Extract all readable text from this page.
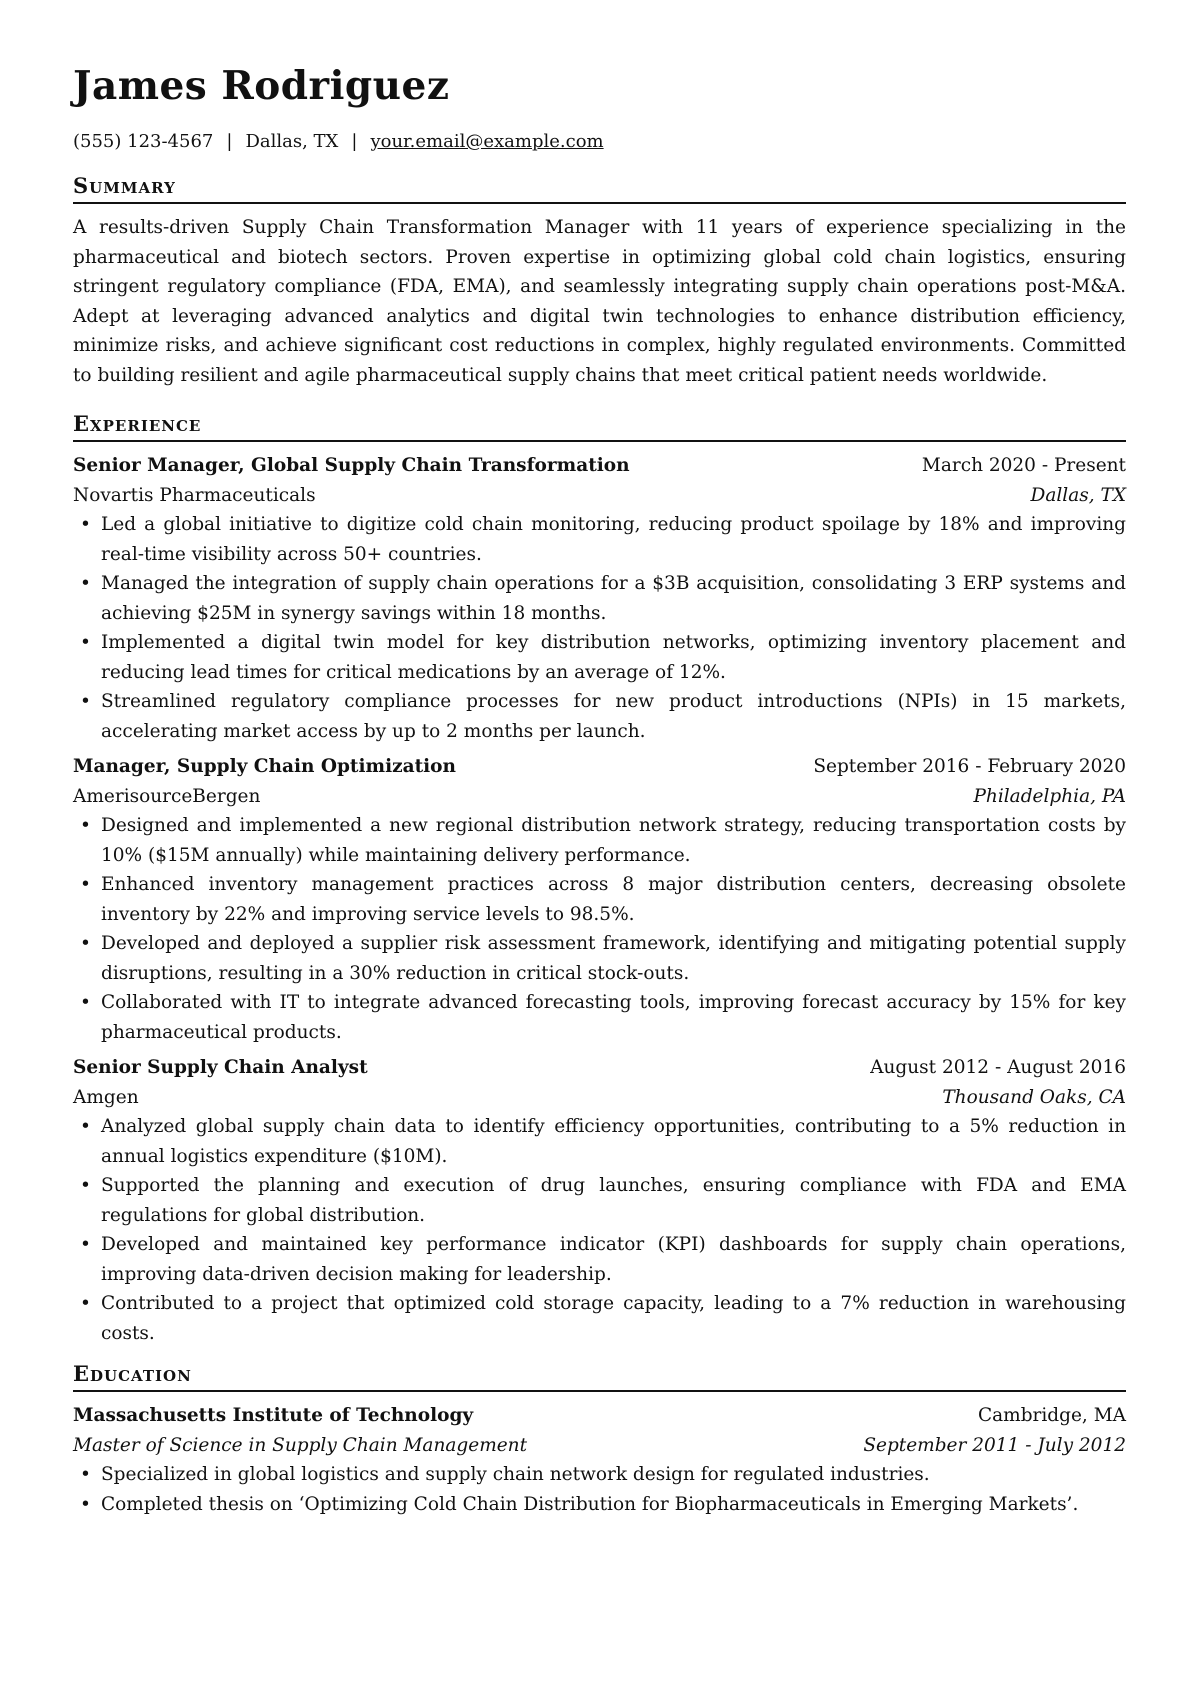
James Rodriguez
(555) 123-4567 | Dallas, TX | your.email@example.com
Summary

A results-driven Supply Chain Transformation Manager with 11 years of experience specializing in the pharmaceutical and biotech sectors. Proven expertise in optimizing global cold chain logistics, ensuring stringent regulatory compliance (FDA, EMA), and seamlessly integrating supply chain operations post-M&A. Adept at leveraging advanced analytics and digital twin technologies to enhance distribution efficiency, minimize risks, and achieve significant cost reductions in complex, highly regulated environments. Committed to building resilient and agile pharmaceutical supply chains that meet critical patient needs worldwide.

Experience
Senior Manager, Global Supply Chain Transformation	March 2020 - Present
Novartis Pharmaceuticals	Dallas, TX
• Led a global initiative to digitize cold chain monitoring, reducing product spoilage by 18% and improving real-time visibility across 50+ countries.
• Managed the integration of supply chain operations for a $3B acquisition, consolidating 3 ERP systems and achieving $25M in synergy savings within 18 months.
• Implemented a digital twin model for key distribution networks, optimizing inventory placement and reducing lead times for critical medications by an average of 12%.
• Streamlined regulatory compliance processes for new product introductions (NPIs) in 15 markets, accelerating market access by up to 2 months per launch.
Manager, Supply Chain Optimization	September 2016 - February 2020
AmerisourceBergen	Philadelphia, PA
• Designed and implemented a new regional distribution network strategy, reducing transportation costs by 10% ($15M annually) while maintaining delivery performance.
• Enhanced inventory management practices across 8 major distribution centers, decreasing obsolete inventory by 22% and improving service levels to 98.5%.
• Developed and deployed a supplier risk assessment framework, identifying and mitigating potential supply disruptions, resulting in a 30% reduction in critical stock-outs.
• Collaborated with IT to integrate advanced forecasting tools, improving forecast accuracy by 15% for key pharmaceutical products.
Senior Supply Chain Analyst	August 2012 - August 2016
Amgen	Thousand Oaks, CA
• Analyzed global supply chain data to identify efficiency opportunities, contributing to a 5% reduction in annual logistics expenditure ($10M).
• Supported the planning and execution of drug launches, ensuring compliance with FDA and EMA regulations for global distribution.
• Developed and maintained key performance indicator (KPI) dashboards for supply chain operations, improving data-driven decision making for leadership.
• Contributed to a project that optimized cold storage capacity, leading to a 7% reduction in warehousing costs.
Education
Massachusetts Institute of Technology	Cambridge, MA
Master of Science in Supply Chain Management	September 2011 - July 2012
• Specialized in global logistics and supply chain network design for regulated industries.
• Completed thesis on ‘Optimizing Cold Chain Distribution for Biopharmaceuticals in Emerging Markets’.
